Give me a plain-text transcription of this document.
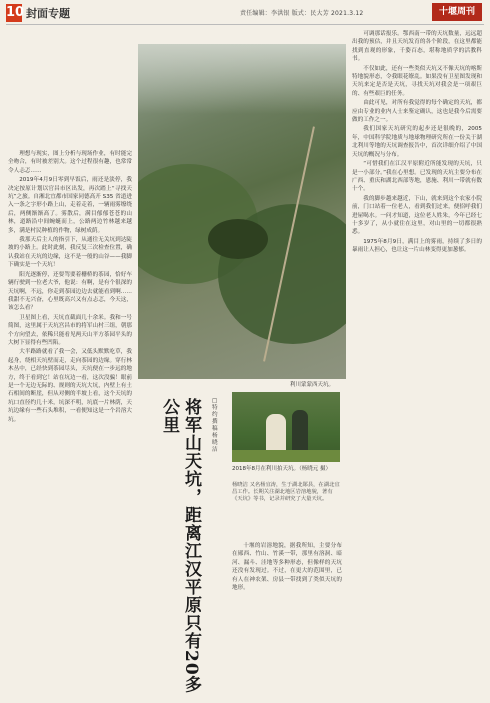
10 封面专题	责任编辑：李洪银 版式：民大芳 2021.3.12	十堰周刊

理想与现实，图上分析与现场作业，有时能完全吻合，有时被差别大。这个过程很有趣，也常常令人忐忑……

2019年4月9日零到早饭后，雨还是淡停，我决定按原计划以官昌市区出发，再次踏上“寻找天坑”之旅。自湘北宜都市国家同德高开 S35 省道进入一条之字形小路上山，走着走着，一辆雨雾缭绕后，两侧渐渐高了。雾散后，满目郁郁苍苍的山林，道路沿中间蜿蜒而上，公路两边竹林越来越多，满是村民种植的作物，绿树成荫。

我那天后主人的指引下，从通往无关坑到达陡坡的小路上。此时此刻，我反复三次检查位置，确认我站在天坑的边缘，这不是一般的山谷——我脚下确实是一个天坑！

阳光逐渐停，还要驾要着栅桥的茶园，恰好车辆行驶到一位老大爷，他说：有啊，是有个很深的天坑啊，不远，你走到茶园边边去就能看到啊……我甜不无兴奋，心里既高兴又有点忐忑，今天这，该怎么看？

卫星图上看，天坑直截面几十余米。我和一号简图，这里属于天坑宫昌市的将军山村三组，朝那个方向望去，依稀只能看见两天山平方茶园平头的大树下显得有些凹陷。

大半路路就看了我一会，又低头默默吃草，我起身，绕相天坑壁而走，走向茶园的边缘。穿行林木丛中，已经快到茶园尽头，天坑便在一步远的地方，终于看到它！站在坑边一看，这次没骗！眼前是一个无边无际的、规则的天坑大坑，内壁上有土石相间的断崖，但从对侧的半坡上看，这个天坑的坑口直径约几十米，坑深不明，坑底一片林荫，天坑边缘有一些石头堆积，一看便知这是一个岩溶大坑。

利川蒙蒙西天坑。
将军山天坑，距离江汉平原只有20多公里	□特约撰稿 杨晓洁
2018年8月在利川拍天坑。（杨晓元 摄）
杨晓洁 又名杨宜涛，生于湖北郧县，在湖北宜昌工作。长期关注湖北地区岩溶地貌，著有《天坑》等书，记录并研究了大量天坑。

十堰的岩溶地貌，据我所知，主要分布在郧西、竹山、竹溪一带，那里有溶洞、暗河、漏斗、洼地等多种形态，但像样的天坑还没有发现过。不过，在更大的范围里，已有人在神农架、房县一带找到了类似天坑的地形。

可调那话报乐。鄂西南一带的天坑数量，远远超出我的预估，并且天坑发育的各个阶段，在这里都能找到直观的形象，千姿百态，堪称地质学的活教科书。

不仅如此，还有一些类似天坑又不像天坑的喀斯特地貌形态，令我眼花缭乱。如果没有卫星图发现和天坑来定是否是天坑，寻找天坑对我会是一项艰巨的、有些艰巨的任务。

由此可见，对所有我觉得的每个确定的天坑，都应由专业的业内人士来鉴定确认，这也是我今后需要做的工作之一。

我们国家天坑研究的起步还是很晚的，2005年，中国科学院地质与地球物理研究所在一份关于湖北利川等地的天坑调查报告中，首次详细介绍了中国天坑的概况与分布。

“可惜我们在江汉平原附近所能发现的天坑，只是一小部分。”我在心里想。已发现的天坑主要分布在广西、重庆和湖北西部等地，恩施、利川一带就有数十个。

我的脚步越来越近，下山，就来到这个农家小院前，门口站着一位老人，看到我们过来，便招呼我们进屋喝水。一问才知道，这位老人姓朱，今年已经七十多岁了，从小就住在这里，对山里的一切都很熟悉。

1975年8月9日，满目上的雾雨，持续了多日的暴雨让人担心，也让这一片山林变得更加葱郁。
